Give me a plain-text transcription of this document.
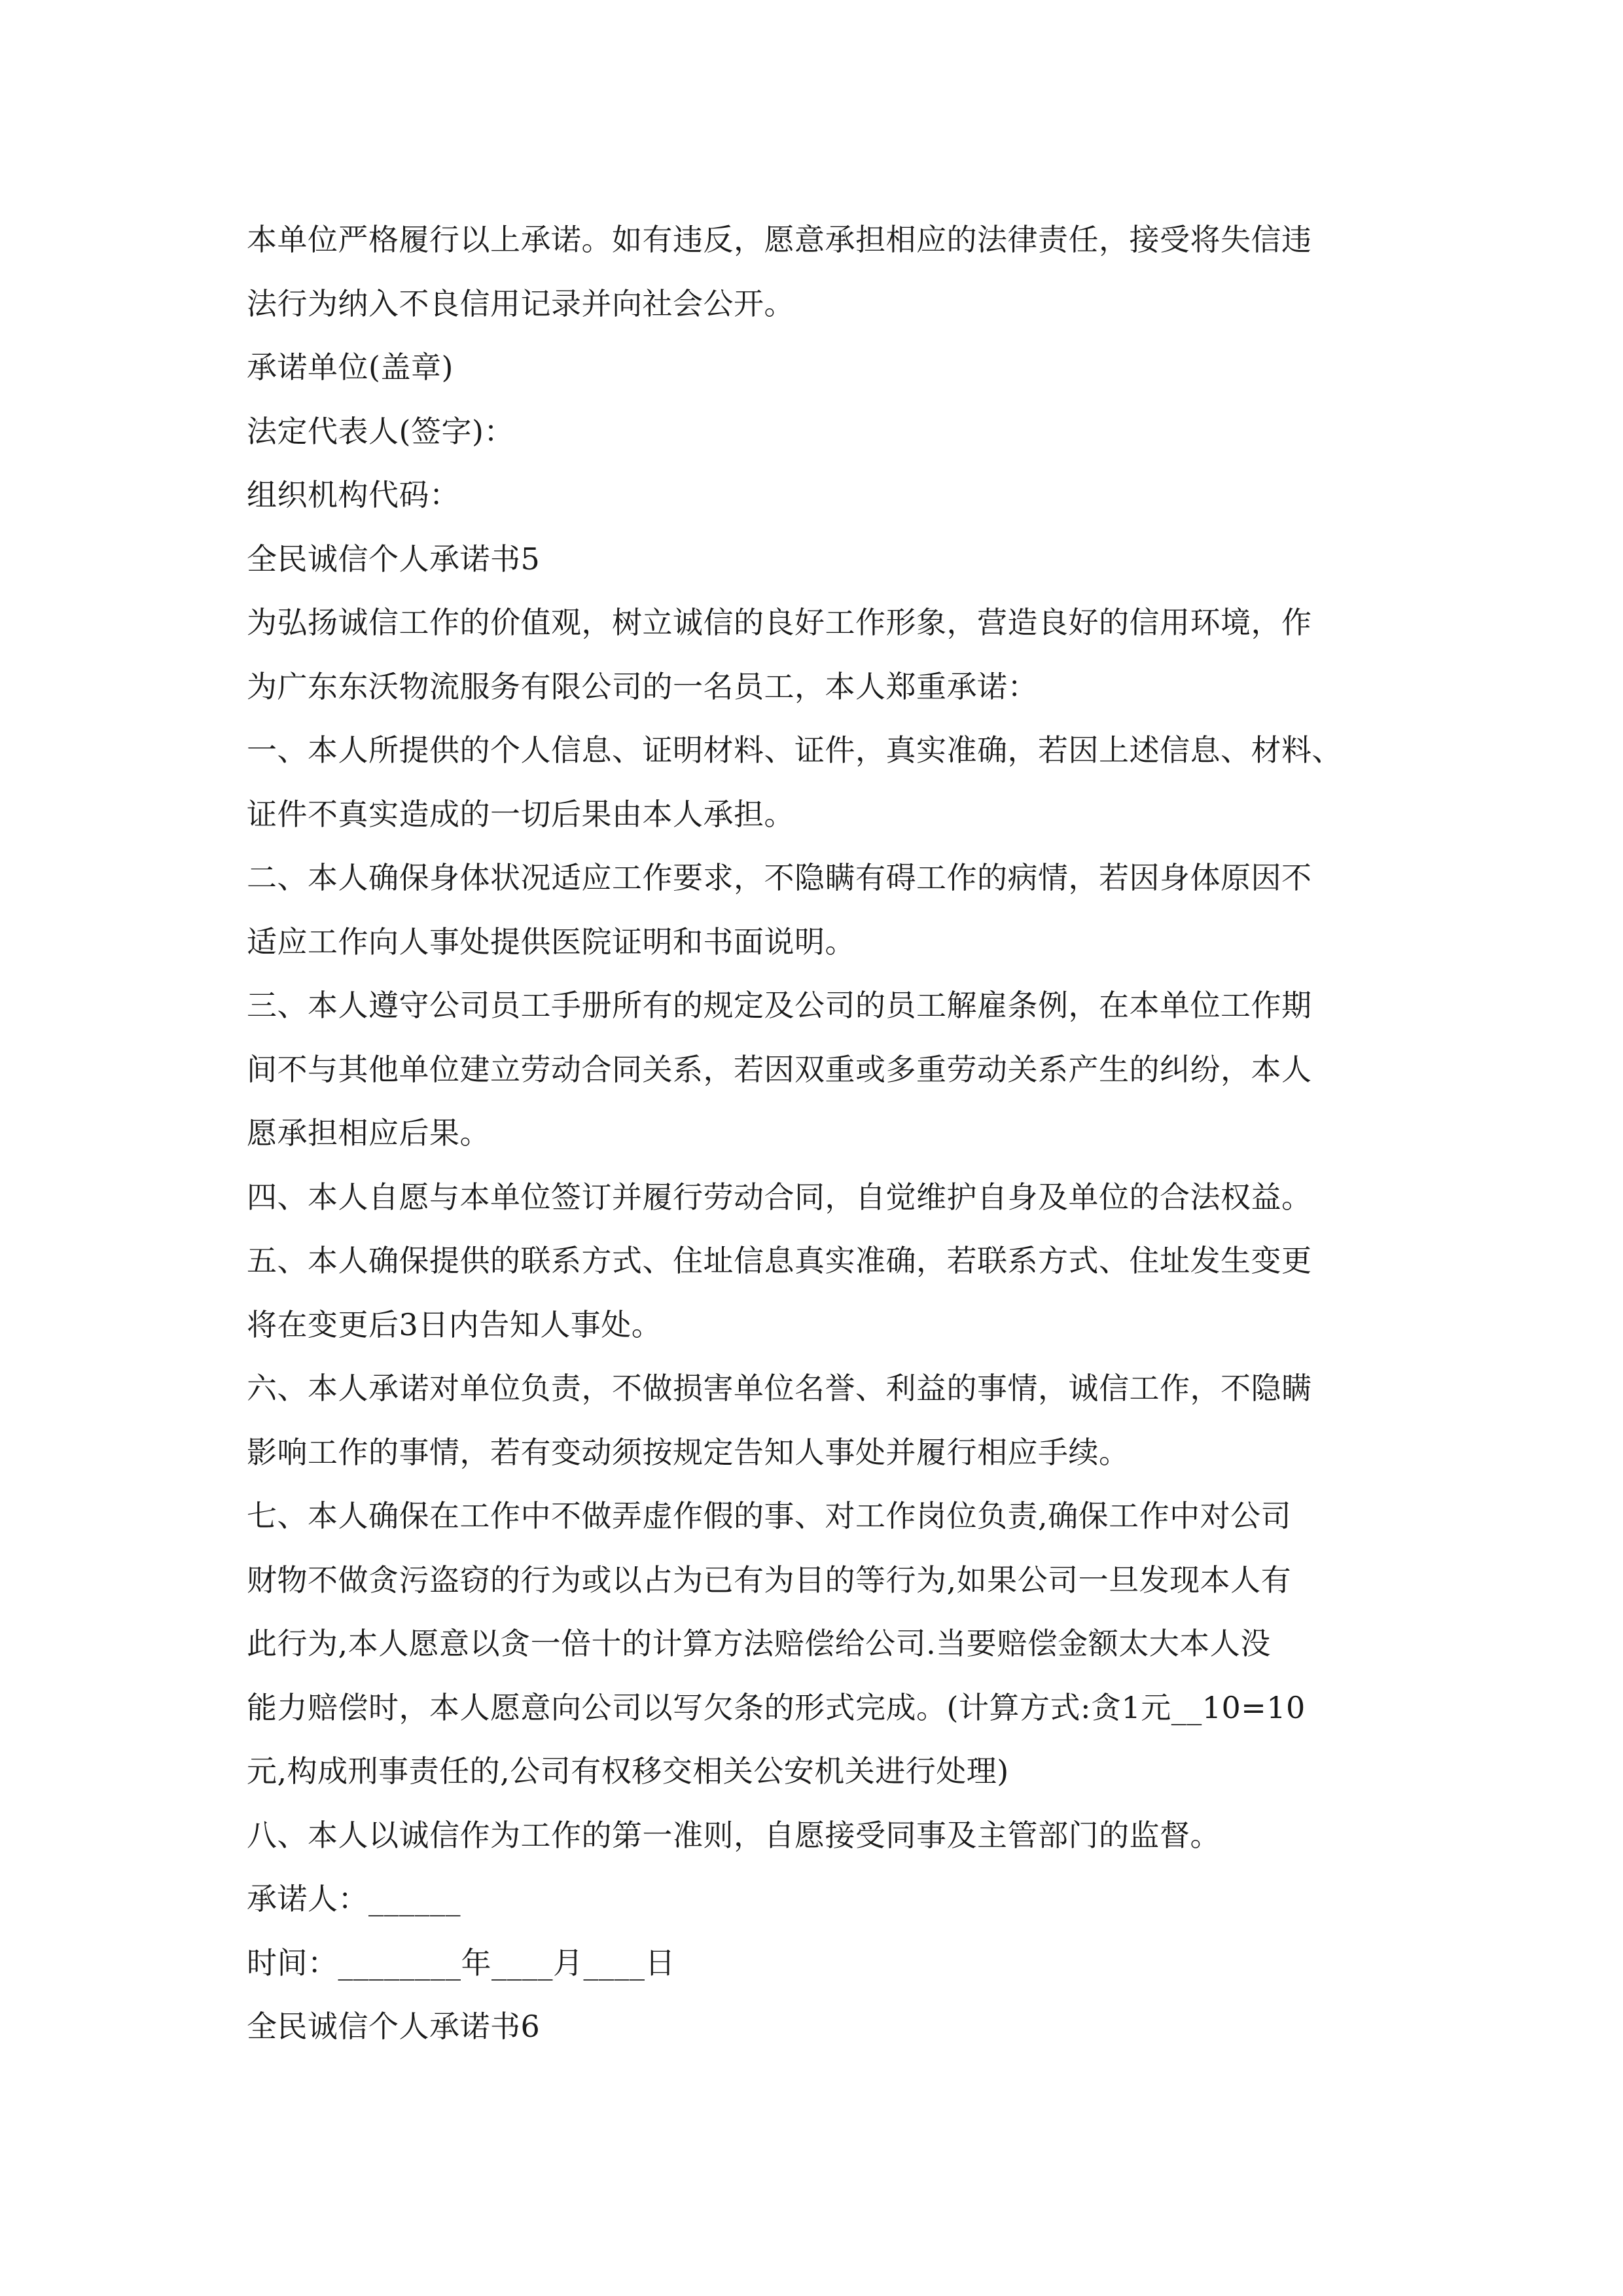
本单位严格履行以上承诺。如有违反，愿意承担相应的法律责任，接受将失信违
法行为纳入不良信用记录并向社会公开。
承诺单位(盖章)
法定代表人(签字)：
组织机构代码：
全民诚信个人承诺书5
为弘扬诚信工作的价值观，树立诚信的良好工作形象，营造良好的信用环境，作
为广东东沃物流服务有限公司的一名员工，本人郑重承诺：
一、本人所提供的个人信息、证明材料、证件，真实准确，若因上述信息、材料、
证件不真实造成的一切后果由本人承担。
二、本人确保身体状况适应工作要求，不隐瞒有碍工作的病情，若因身体原因不
适应工作向人事处提供医院证明和书面说明。
三、本人遵守公司员工手册所有的规定及公司的员工解雇条例，在本单位工作期
间不与其他单位建立劳动合同关系，若因双重或多重劳动关系产生的纠纷，本人
愿承担相应后果。
四、本人自愿与本单位签订并履行劳动合同，自觉维护自身及单位的合法权益。
五、本人确保提供的联系方式、住址信息真实准确，若联系方式、住址发生变更
将在变更后3日内告知人事处。
六、本人承诺对单位负责，不做损害单位名誉、利益的事情，诚信工作，不隐瞒
影响工作的事情，若有变动须按规定告知人事处并履行相应手续。
七、本人确保在工作中不做弄虚作假的事、对工作岗位负责,确保工作中对公司
财物不做贪污盗窃的行为或以占为已有为目的等行为,如果公司一旦发现本人有
此行为,本人愿意以贪一倍十的计算方法赔偿给公司.当要赔偿金额太大本人没
能力赔偿时，本人愿意向公司以写欠条的形式完成。(计算方式:贪1元__10=10
元,构成刑事责任的,公司有权移交相关公安机关进行处理)
八、本人以诚信作为工作的第一准则，自愿接受同事及主管部门的监督。
承诺人：______
时间：________年____月____日
全民诚信个人承诺书6
